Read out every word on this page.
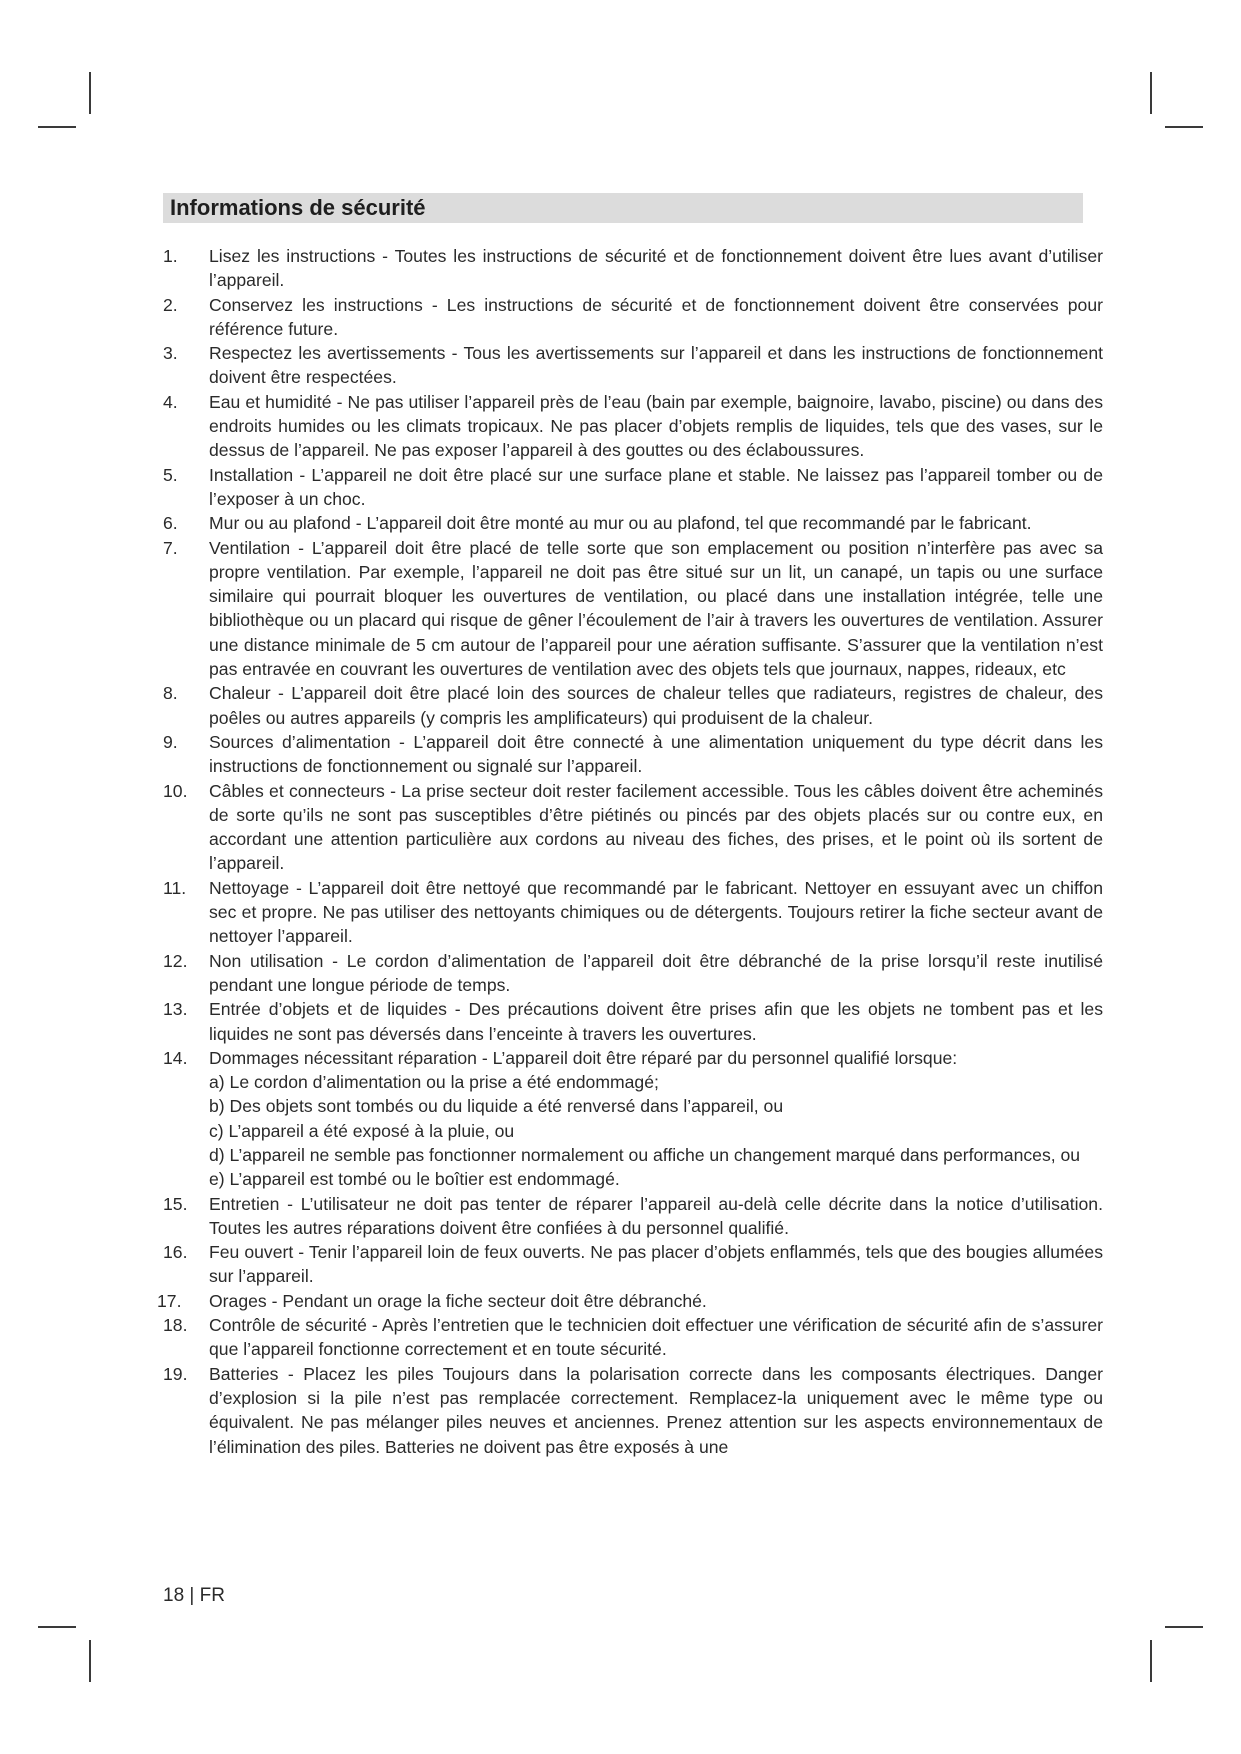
Informations de sécurité
1. Lisez les instructions - Toutes les instructions de sécurité et de fonctionnement doivent être lues avant d’utiliser l’appareil.
2. Conservez les instructions - Les instructions de sécurité et de fonctionnement doivent être conservées pour référence future.
3. Respectez les avertissements - Tous les avertissements sur l’appareil et dans les instructions de fonctionnement doivent être respectées.
4. Eau et humidité - Ne pas utiliser l’appareil près de l’eau (bain par exemple, baignoire, lavabo, piscine) ou dans des endroits humides ou les climats tropicaux. Ne pas placer d’objets remplis de liquides, tels que des vases, sur le dessus de l’appareil. Ne pas exposer l’appareil à des gouttes ou des éclaboussures.
5. Installation - L’appareil ne doit être placé sur une surface plane et stable. Ne laissez pas l’appareil tomber ou de l’exposer à un choc.
6. Mur ou au plafond - L’appareil doit être monté au mur ou au plafond, tel que recommandé par le fabricant.
7. Ventilation - L’appareil doit être placé de telle sorte que son emplacement ou position n’interfère pas avec sa propre ventilation. Par exemple, l’appareil ne doit pas être situé sur un lit, un canapé, un tapis ou une surface similaire qui pourrait bloquer les ouvertures de ventilation, ou placé dans une installation intégrée, telle une bibliothèque ou un placard qui risque de gêner l’écoulement de l’air à travers les ouvertures de ventilation. Assurer une distance minimale de 5 cm autour de l’appareil pour une aération suffisante. S’assurer que la ventilation n’est pas entravée en couvrant les ouvertures de ventilation avec des objets tels que journaux, nappes, rideaux, etc
8. Chaleur - L’appareil doit être placé loin des sources de chaleur telles que radiateurs, registres de chaleur, des poêles ou autres appareils (y compris les amplificateurs) qui produisent de la chaleur.
9. Sources d’alimentation - L’appareil doit être connecté à une alimentation uniquement du type décrit dans les instructions de fonctionnement ou signalé sur l’appareil.
10. Câbles et connecteurs - La prise secteur doit rester facilement accessible. Tous les câbles doivent être acheminés de sorte qu’ils ne sont pas susceptibles d’être piétinés ou pincés par des objets placés sur ou contre eux, en accordant une attention particulière aux cordons au niveau des fiches, des prises, et le point où ils sortent de l’appareil.
11. Nettoyage - L’appareil doit être nettoyé que recommandé par le fabricant. Nettoyer en essuyant avec un chiffon sec et propre. Ne pas utiliser des nettoyants chimiques ou de détergents. Toujours retirer la fiche secteur avant de nettoyer l’appareil.
12. Non utilisation - Le cordon d’alimentation de l’appareil doit être débranché de la prise lorsqu’il reste inutilisé pendant une longue période de temps.
13. Entrée d’objets et de liquides - Des précautions doivent être prises afin que les objets ne tombent pas et les liquides ne sont pas déversés dans l’enceinte à travers les ouvertures.
14. Dommages nécessitant réparation - L’appareil doit être réparé par du personnel qualifié lorsque:
a) Le cordon d’alimentation ou la prise a été endommagé;
b) Des objets sont tombés ou du liquide a été renversé dans l’appareil, ou
c) L’appareil a été exposé à la pluie, ou
d) L’appareil ne semble pas fonctionner normalement ou affiche un changement marqué dans performances, ou
e) L’appareil est tombé ou le boîtier est endommagé.
15. Entretien - L’utilisateur ne doit pas tenter de réparer l’appareil au-delà celle décrite dans la notice d’utilisation. Toutes les autres réparations doivent être confiées à du personnel qualifié.
16. Feu ouvert - Tenir l’appareil loin de feux ouverts. Ne pas placer d’objets enflammés, tels que des bougies allumées sur l’appareil.
17. Orages - Pendant un orage la fiche secteur doit être débranché.
18. Contrôle de sécurité - Après l’entretien que le technicien doit effectuer une vérification de sécurité afin de s’assurer que l’appareil fonctionne correctement et en toute sécurité.
19. Batteries - Placez les piles Toujours dans la polarisation correcte dans les composants électriques. Danger d’explosion si la pile n’est pas remplacée correctement. Remplacez-la uniquement avec le même type ou équivalent. Ne pas mélanger piles neuves et anciennes. Prenez attention sur les aspects environnementaux de l’élimination des piles. Batteries ne doivent pas être exposés à une
18 | FR
